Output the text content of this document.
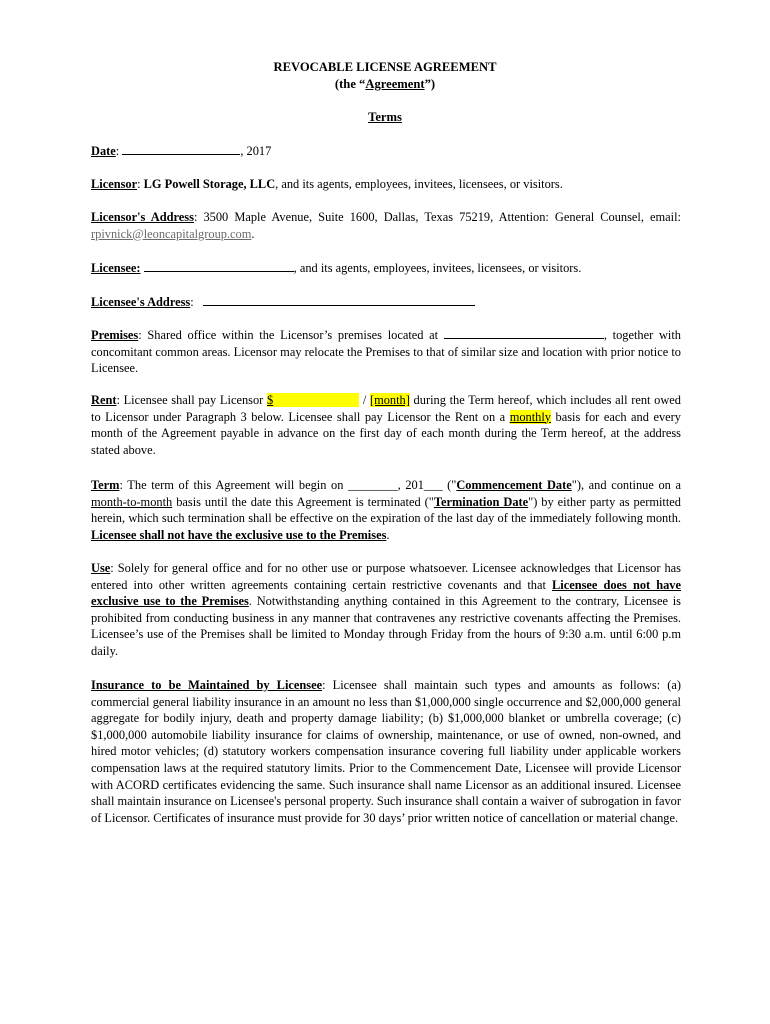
REVOCABLE LICENSE AGREEMENT
(the “Agreement”)
Terms
Date:	, 2017
Licensor: LG Powell Storage, LLC, and its agents, employees, invitees, licensees, or visitors.
Licensor's Address: 3500 Maple Avenue, Suite 1600, Dallas, Texas 75219, Attention: General Counsel, email: rpivnick@leoncapitalgroup.com.
Licensee:	, and its agents, employees, invitees, licensees, or visitors.
Licensee's Address:
Premises: Shared office within the Licensor’s premises located at	, together with concomitant common areas. Licensor may relocate the Premises to that of similar size and location with prior notice to Licensee.
Rent: Licensee shall pay Licensor $	/ [month] during the Term hereof, which includes all rent owed to Licensor under Paragraph 3 below. Licensee shall pay Licensor the Rent on a monthly basis for each and every month of the Agreement payable in advance on the first day of each month during the Term hereof, at the address stated above.
Term: The term of this Agreement will begin on ________, 201___ ("Commencement Date"), and continue on a month-to-month basis until the date this Agreement is terminated ("Termination Date") by either party as permitted herein, which such termination shall be effective on the expiration of the last day of the immediately following month. Licensee shall not have the exclusive use to the Premises.
Use: Solely for general office and for no other use or purpose whatsoever. Licensee acknowledges that Licensor has entered into other written agreements containing certain restrictive covenants and that Licensee does not have exclusive use to the Premises. Notwithstanding anything contained in this Agreement to the contrary, Licensee is prohibited from conducting business in any manner that contravenes any restrictive covenants affecting the Premises. Licensee’s use of the Premises shall be limited to Monday through Friday from the hours of 9:30 a.m. until 6:00 p.m daily.
Insurance to be Maintained by Licensee: Licensee shall maintain such types and amounts as follows: (a) commercial general liability insurance in an amount no less than $1,000,000 single occurrence and $2,000,000 general aggregate for bodily injury, death and property damage liability; (b) $1,000,000 blanket or umbrella coverage; (c) $1,000,000 automobile liability insurance for claims of ownership, maintenance, or use of owned, non-owned, and hired motor vehicles; (d) statutory workers compensation insurance covering full liability under applicable workers compensation laws at the required statutory limits. Prior to the Commencement Date, Licensee will provide Licensor with ACORD certificates evidencing the same. Such insurance shall name Licensor as an additional insured. Licensee shall maintain insurance on Licensee's personal property. Such insurance shall contain a waiver of subrogation in favor of Licensor. Certificates of insurance must provide for 30 days’ prior written notice of cancellation or material change.
